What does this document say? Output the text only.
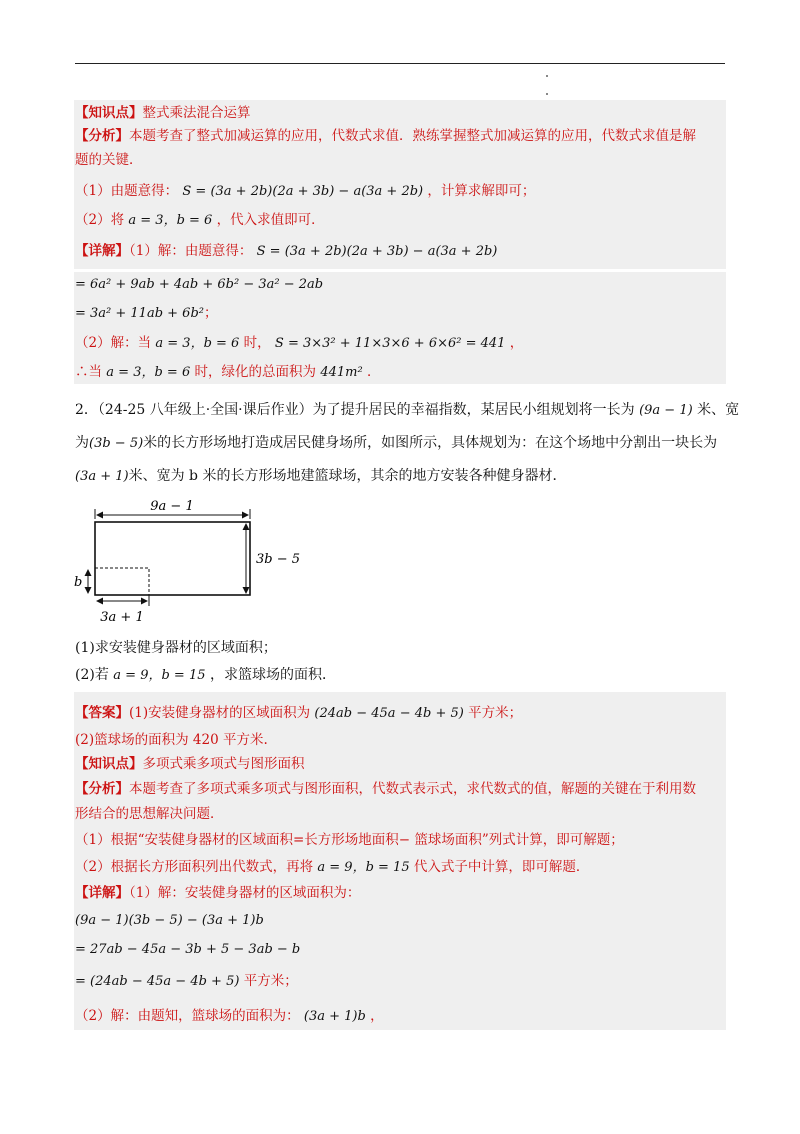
【知识点】整式乘法混合运算
【分析】本题考查了整式加减运算的应用，代数式求值．熟练掌握整式加减运算的应用，代数式求值是解
题的关键．
（1）由题意得： S = (3a + 2b)(2a + 3b) − a(3a + 2b) ，计算求解即可；
（2）将 a = 3，b = 6 ，代入求值即可．
【详解】（1）解：由题意得： S = (3a + 2b)(2a + 3b) − a(3a + 2b)
= 6a² + 9ab + 4ab + 6b² − 3a² − 2ab
= 3a² + 11ab + 6b²；
（2）解：当 a = 3，b = 6 时， S = 3×3² + 11×3×6 + 6×6² = 441 ，
∴当 a = 3，b = 6 时，绿化的总面积为 441m² ．
2．（24-25 八年级上·全国·课后作业）为了提升居民的幸福指数，某居民小组规划将一长为 (9a − 1) 米、宽
为(3b − 5)米的长方形场地打造成居民健身场所，如图所示，具体规划为：在这个场地中分割出一块长为
(3a + 1)米、宽为 b 米的长方形场地建篮球场，其余的地方安装各种健身器材．
9a − 1
3b − 5
b
3a + 1
(1)求安装健身器材的区域面积；
(2)若 a = 9，b = 15 ，求篮球场的面积．
【答案】(1)安装健身器材的区域面积为 (24ab − 45a − 4b + 5) 平方米；
(2)篮球场的面积为 420 平方米.
【知识点】多项式乘多项式与图形面积
【分析】本题考查了多项式乘多项式与图形面积，代数式表示式，求代数式的值，解题的关键在于利用数
形结合的思想解决问题．
（1）根据“安装健身器材的区域面积=长方形场地面积− 篮球场面积”列式计算，即可解题；
（2）根据长方形面积列出代数式，再将 a = 9，b = 15 代入式子中计算，即可解题．
【详解】（1）解：安装健身器材的区域面积为：
(9a − 1)(3b − 5) − (3a + 1)b
= 27ab − 45a − 3b + 5 − 3ab − b
= (24ab − 45a − 4b + 5) 平方米；
（2）解：由题知，篮球场的面积为： (3a + 1)b ，
